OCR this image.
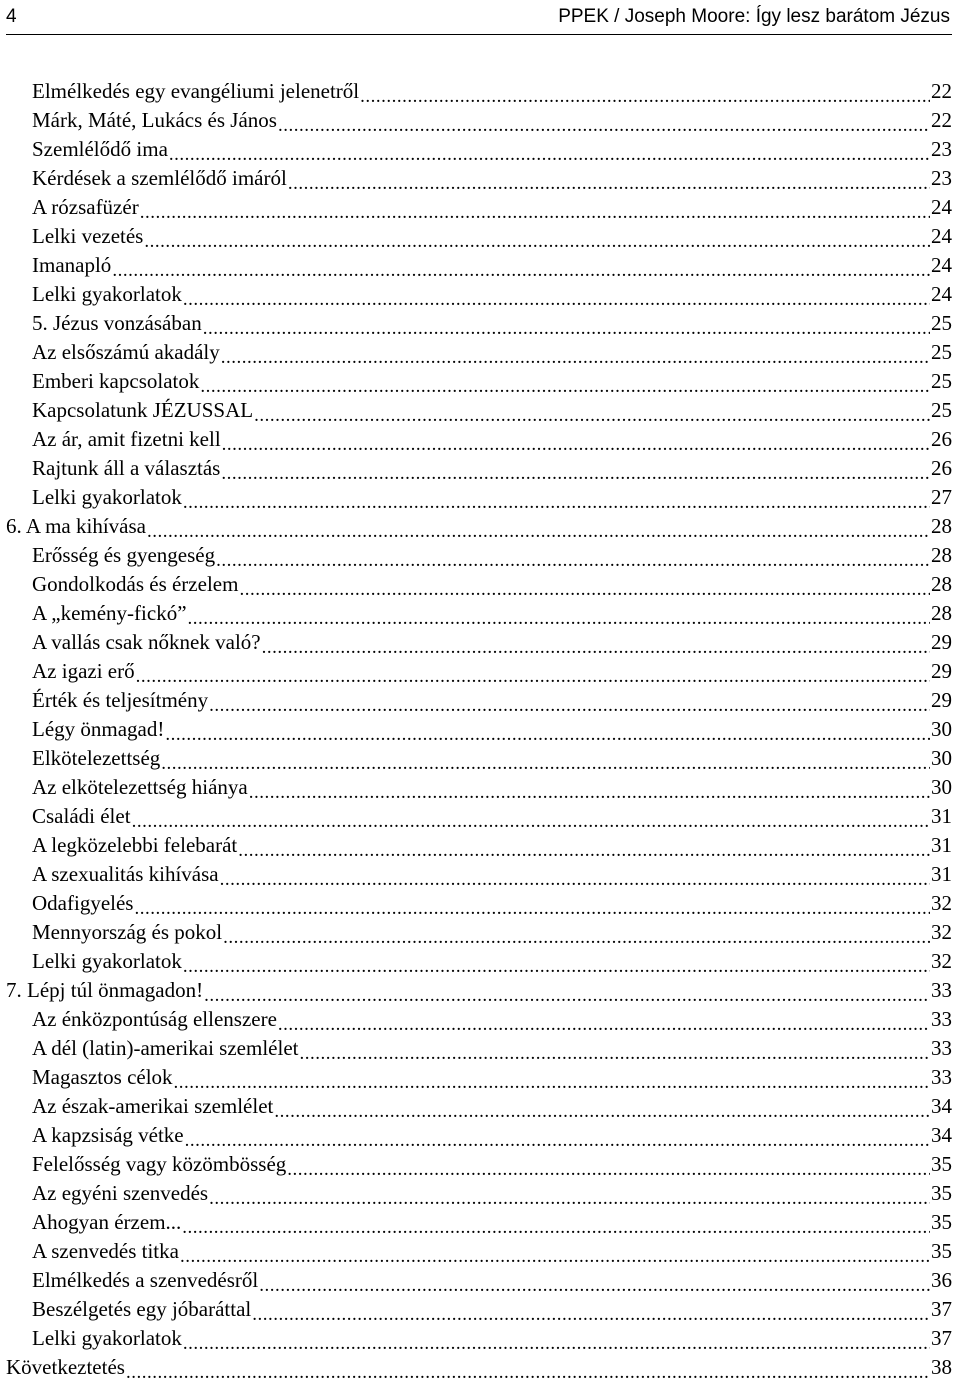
4	PPEK / Joseph Moore: Így lesz barátom Jézus
Elmélkedés egy evangéliumi jelenetről .....	22
Márk, Máté, Lukács és János .....	22
Szemlélődő ima .....	23
Kérdések a szemlélődő imáról .....	23
A rózsafüzér .....	24
Lelki vezetés .....	24
Imanapló .....	24
Lelki gyakorlatok .....	24
5. Jézus vonzásában .....	25
Az elsőszámú akadály .....	25
Emberi kapcsolatok .....	25
Kapcsolatunk JÉZUSSAL .....	25
Az ár, amit fizetni kell .....	26
Rajtunk áll a választás .....	26
Lelki gyakorlatok .....	27
6. A ma kihívása .....	28
Erősség és gyengeség .....	28
Gondolkodás és érzelem .....	28
A „kemény-fickó” .....	28
A vallás csak nőknek való? .....	29
Az igazi erő .....	29
Érték és teljesítmény .....	29
Légy önmagad! .....	30
Elkötelezettség .....	30
Az elkötelezettség hiánya .....	30
Családi élet .....	31
A legközelebbi felebarát .....	31
A szexualitás kihívása .....	31
Odafigyelés .....	32
Mennyország és pokol .....	32
Lelki gyakorlatok .....	32
7. Lépj túl önmagadon! .....	33
Az énközpontúság ellenszere .....	33
A dél (latin)-amerikai szemlélet .....	33
Magasztos célok .....	33
Az észak-amerikai szemlélet .....	34
A kapzsiság vétke .....	34
Felelősség vagy közömbösség .....	35
Az egyéni szenvedés .....	35
Ahogyan érzem... .....	35
A szenvedés titka .....	35
Elmélkedés a szenvedésről .....	36
Beszélgetés egy jóbaráttal .....	37
Lelki gyakorlatok .....	37
Következtetés .....	38
